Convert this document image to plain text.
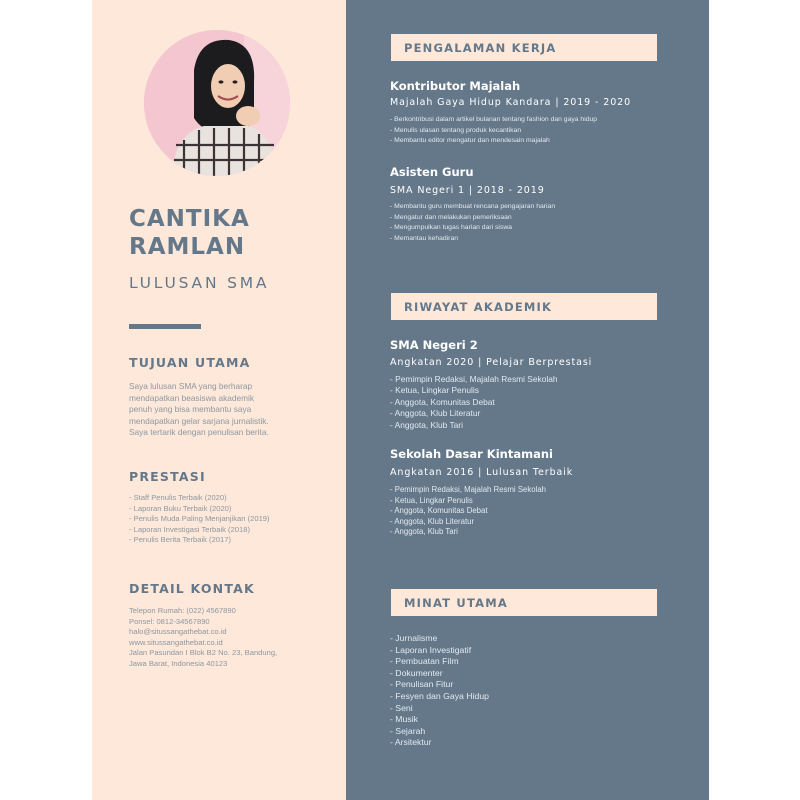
CANTIKA
RAMLAN
LULUSAN SMA
TUJUAN UTAMA
Saya lulusan SMA yang berharap
mendapatkan beasiswa akademik
penuh yang bisa membantu saya
mendapatkan gelar sarjana jurnalistik.
Saya tertarik dengan penulisan berita.
PRESTASI
- Staff Penulis Terbaik (2020)
- Laporan Buku Terbaik (2020)
- Penulis Muda Paling Menjanjikan (2019)
- Laporan Investigasi Terbaik (2018)
- Penulis Berita Terbaik (2017)
DETAIL KONTAK
Telepon Rumah: (022) 4567890
Ponsel: 0812-34567890
halo@situssangathebat.co.id
www.situssangathebat.co.id
Jalan Pasundan I Blok B2 No. 23, Bandung,
Jawa Barat, Indonesia 40123
PENGALAMAN KERJA
Kontributor Majalah
Majalah Gaya Hidup Kandara | 2019 - 2020
- Berkontribusi dalam artikel bulanan tentang fashion dan gaya hidup
- Menulis ulasan tentang produk kecantikan
- Membantu editor mengatur dan mendesain majalah
Asisten Guru
SMA Negeri 1 | 2018 - 2019
- Membantu guru membuat rencana pengajaran harian
- Mengatur dan melakukan pemeriksaan
- Mengumpulkan tugas harian dari siswa
- Memantau kehadiran
RIWAYAT AKADEMIK
SMA Negeri 2
Angkatan 2020 | Pelajar Berprestasi
- Pemimpin Redaksi, Majalah Resmi Sekolah
- Ketua, Lingkar Penulis
- Anggota, Komunitas Debat
- Anggota, Klub Literatur
- Anggota, Klub Tari
Sekolah Dasar Kintamani
Angkatan 2016 | Lulusan Terbaik
- Pemimpin Redaksi, Majalah Resmi Sekolah
- Ketua, Lingkar Penulis
- Anggota, Komunitas Debat
- Anggota, Klub Literatur
- Anggota, Klub Tari
MINAT UTAMA
- Jurnalisme
- Laporan Investigatif
- Pembuatan Film
- Dokumenter
- Penulisan Fitur
- Fesyen dan Gaya Hidup
- Seni
- Musik
- Sejarah
- Arsitektur
